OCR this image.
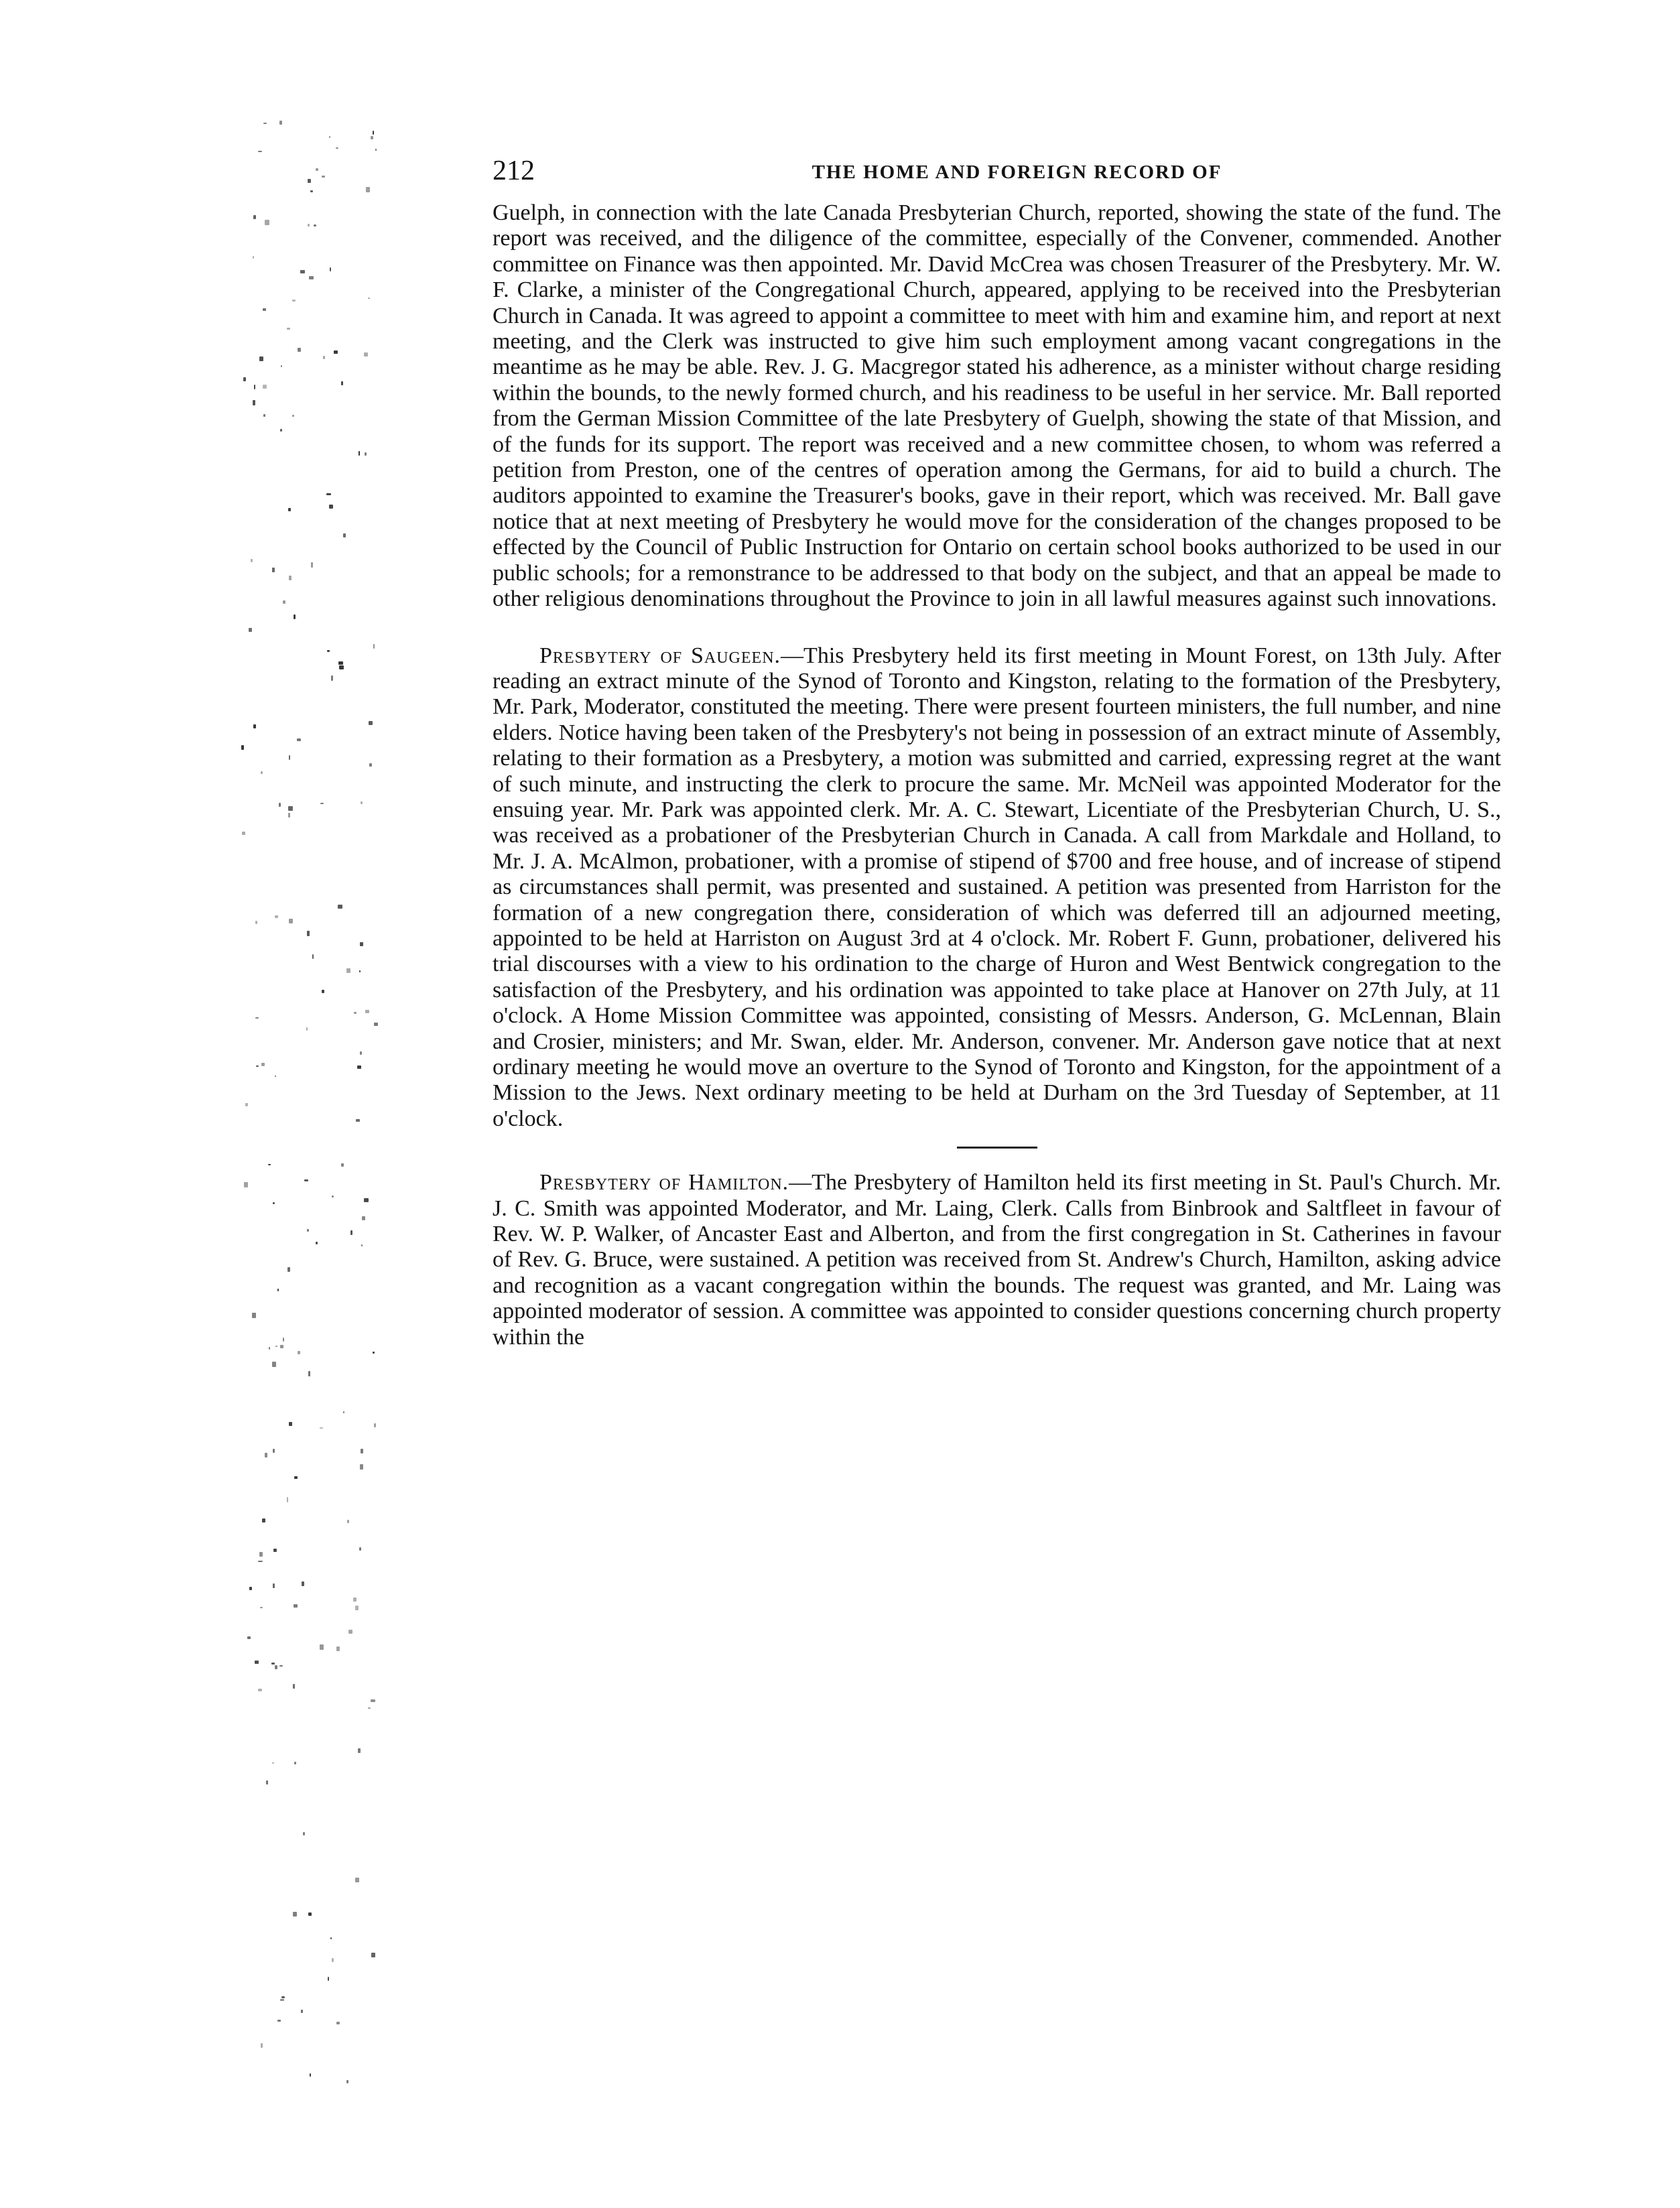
212	THE HOME AND FOREIGN RECORD OF

Guelph, in connection with the late Canada Presbyterian Church, reported, showing the state of the fund. The report was received, and the diligence of the committee, especially of the Convener, commended. Another committee on Finance was then appointed. Mr. David McCrea was chosen Treasurer of the Presbytery. Mr. W. F. Clarke, a minister of the Congregational Church, appeared, applying to be received into the Presbyterian Church in Canada. It was agreed to appoint a committee to meet with him and examine him, and report at next meeting, and the Clerk was instructed to give him such employment among vacant congregations in the meantime as he may be able. Rev. J. G. Macgregor stated his adherence, as a minister without charge residing within the bounds, to the newly formed church, and his readiness to be useful in her service. Mr. Ball reported from the German Mission Committee of the late Presbytery of Guelph, showing the state of that Mission, and of the funds for its support. The report was received and a new committee chosen, to whom was referred a petition from Preston, one of the centres of operation among the Germans, for aid to build a church. The auditors appointed to examine the Treasurer's books, gave in their report, which was received. Mr. Ball gave notice that at next meeting of Presbytery he would move for the consideration of the changes proposed to be effected by the Council of Public Instruction for Ontario on certain school books authorized to be used in our public schools; for a remonstrance to be addressed to that body on the subject, and that an appeal be made to other religious denominations throughout the Province to join in all lawful measures against such innovations.

Presbytery of Saugeen.—This Presbytery held its first meeting in Mount Forest, on 13th July. After reading an extract minute of the Synod of Toronto and Kingston, relating to the formation of the Presbytery, Mr. Park, Moderator, constituted the meeting. There were present fourteen ministers, the full number, and nine elders. Notice having been taken of the Presbytery's not being in possession of an extract minute of Assembly, relating to their formation as a Presbytery, a motion was submitted and carried, expressing regret at the want of such minute, and instructing the clerk to procure the same. Mr. McNeil was appointed Moderator for the ensuing year. Mr. Park was appointed clerk. Mr. A. C. Stewart, Licentiate of the Presbyterian Church, U. S., was received as a probationer of the Presbyterian Church in Canada. A call from Markdale and Holland, to Mr. J. A. McAlmon, probationer, with a promise of stipend of $700 and free house, and of increase of stipend as circumstances shall permit, was presented and sustained. A petition was presented from Harriston for the formation of a new congregation there, consideration of which was deferred till an adjourned meeting, appointed to be held at Harriston on August 3rd at 4 o'clock. Mr. Robert F. Gunn, probationer, delivered his trial discourses with a view to his ordination to the charge of Huron and West Bentwick congregation to the satisfaction of the Presbytery, and his ordination was appointed to take place at Hanover on 27th July, at 11 o'clock. A Home Mission Committee was appointed, consisting of Messrs. Anderson, G. McLennan, Blain and Crosier, ministers; and Mr. Swan, elder. Mr. Anderson, convener. Mr. Anderson gave notice that at next ordinary meeting he would move an overture to the Synod of Toronto and Kingston, for the appointment of a Mission to the Jews. Next ordinary meeting to be held at Durham on the 3rd Tuesday of September, at 11 o'clock.

Presbytery of Hamilton.—The Presbytery of Hamilton held its first meeting in St. Paul's Church. Mr. J. C. Smith was appointed Moderator, and Mr. Laing, Clerk. Calls from Binbrook and Saltfleet in favour of Rev. W. P. Walker, of Ancaster East and Alberton, and from the first congregation in St. Catherines in favour of Rev. G. Bruce, were sustained. A petition was received from St. Andrew's Church, Hamilton, asking advice and recognition as a vacant congregation within the bounds. The request was granted, and Mr. Laing was appointed moderator of session. A committee was appointed to consider questions concerning church property within the
